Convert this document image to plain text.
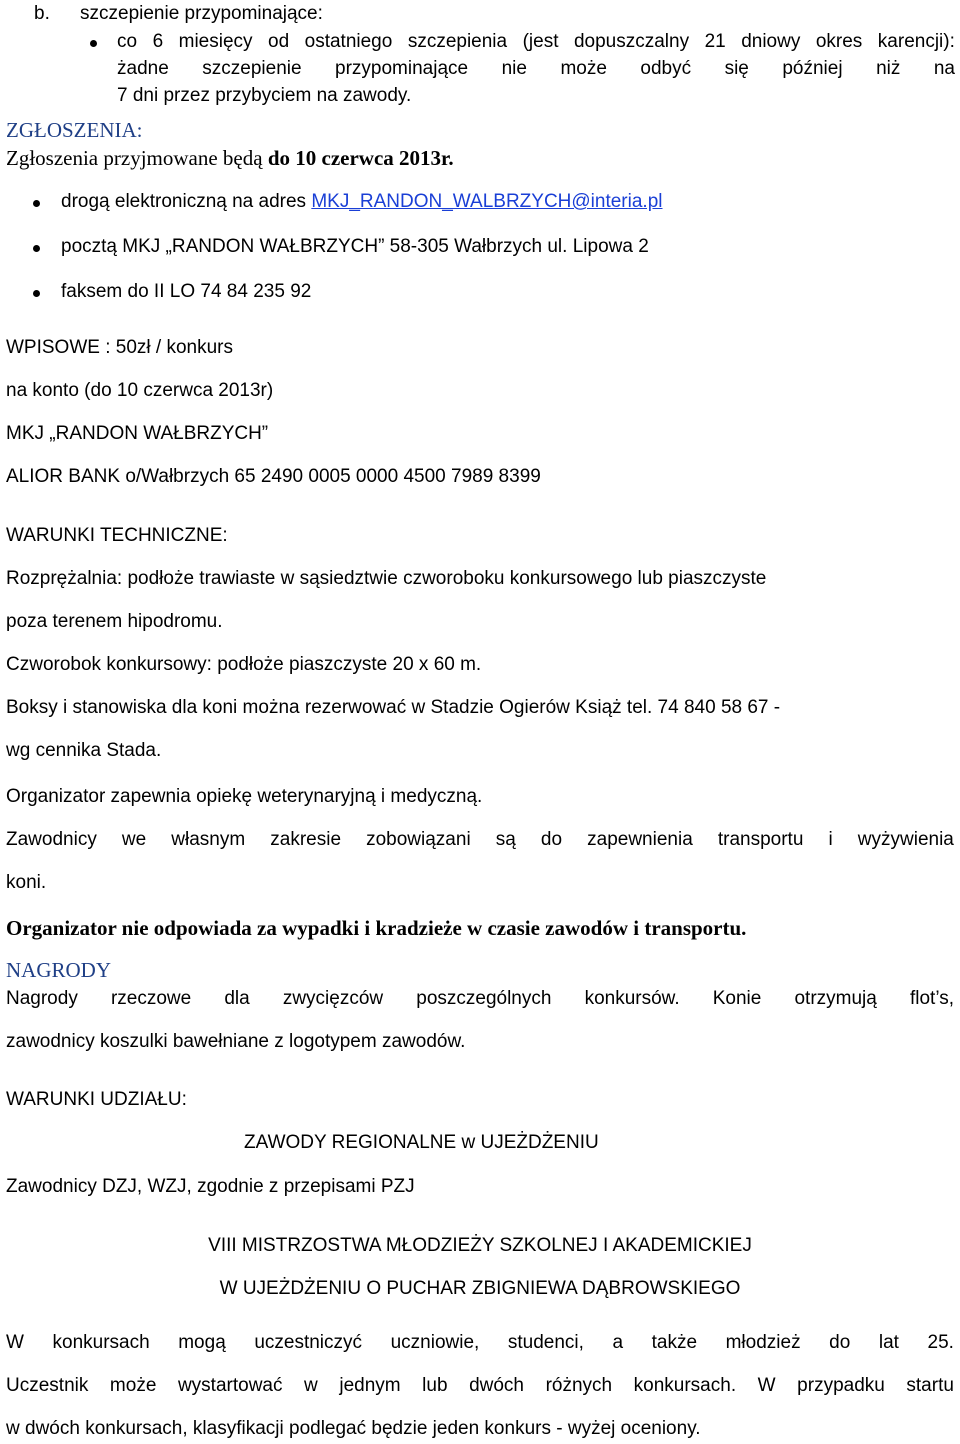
b. szczepienie przypominające:
co 6 miesięcy od ostatniego szczepienia (jest dopuszczalny 21 dniowy okres karencji):
żadne szczepienie przypominające nie może odbyć się później niż na
7 dni przez przybyciem na zawody.
ZGŁOSZENIA:
Zgłoszenia przyjmowane będą do 10 czerwca 2013r.
drogą elektroniczną na adres MKJ_RANDON_WALBRZYCH@interia.pl
pocztą MKJ „RANDON WAŁBRZYCH” 58-305 Wałbrzych ul. Lipowa 2
faksem do II LO 74 84 235 92
WPISOWE : 50zł / konkurs
na konto (do 10 czerwca 2013r)
MKJ „RANDON WAŁBRZYCH”
ALIOR BANK o/Wałbrzych 65 2490 0005 0000 4500 7989 8399
WARUNKI TECHNICZNE:
Rozprężalnia: podłoże trawiaste w sąsiedztwie czworoboku konkursowego lub piaszczyste
poza terenem hipodromu.
Czworobok konkursowy: podłoże piaszczyste 20 x 60 m.
Boksy i stanowiska dla koni można rezerwować w Stadzie Ogierów Książ tel. 74 840 58 67 -
wg cennika Stada.
Organizator zapewnia opiekę weterynaryjną i medyczną.
Zawodnicy we własnym zakresie zobowiązani są do zapewnienia transportu i wyżywienia
koni.
Organizator nie odpowiada za wypadki i kradzieże w czasie zawodów i transportu.
NAGRODY
Nagrody rzeczowe dla zwycięzców poszczególnych konkursów. Konie otrzymują flot’s,
zawodnicy koszulki bawełniane z logotypem zawodów.
WARUNKI UDZIAŁU:
ZAWODY REGIONALNE w UJEŻDŻENIU
Zawodnicy DZJ, WZJ, zgodnie z przepisami PZJ
VIII MISTRZOSTWA MŁODZIEŻY SZKOLNEJ I AKADEMICKIEJ
W UJEŻDŻENIU O PUCHAR ZBIGNIEWA DĄBROWSKIEGO
W konkursach mogą uczestniczyć uczniowie, studenci, a także młodzież do lat 25.
Uczestnik może wystartować w jednym lub dwóch różnych konkursach. W przypadku startu
w dwóch konkursach, klasyfikacji podlegać będzie jeden konkurs - wyżej oceniony.
